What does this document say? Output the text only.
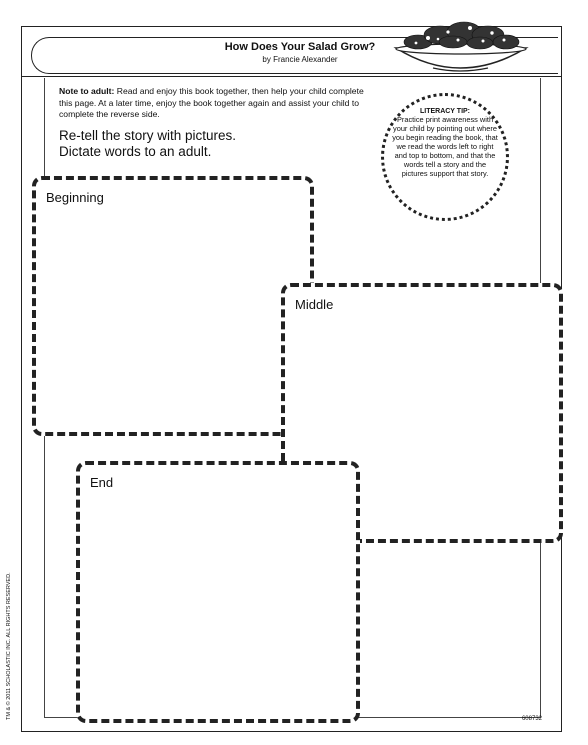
How Does Your Salad Grow?
by Francie Alexander
Note to adult: Read and enjoy this book together, then help your child complete this page. At a later time, enjoy the book together again and assist your child to complete the reverse side.
Re-tell the story with pictures.
Dictate words to an adult.
LITERACY TIP:
Practice print awareness with your child by pointing out where you begin reading the book, that we read the words left to right and top to bottom, and that the words tell a story and the pictures support that story.
Beginning
Middle
End
608732
TM & © 2011 SCHOLASTIC INC. ALL RIGHTS RESERVED.
